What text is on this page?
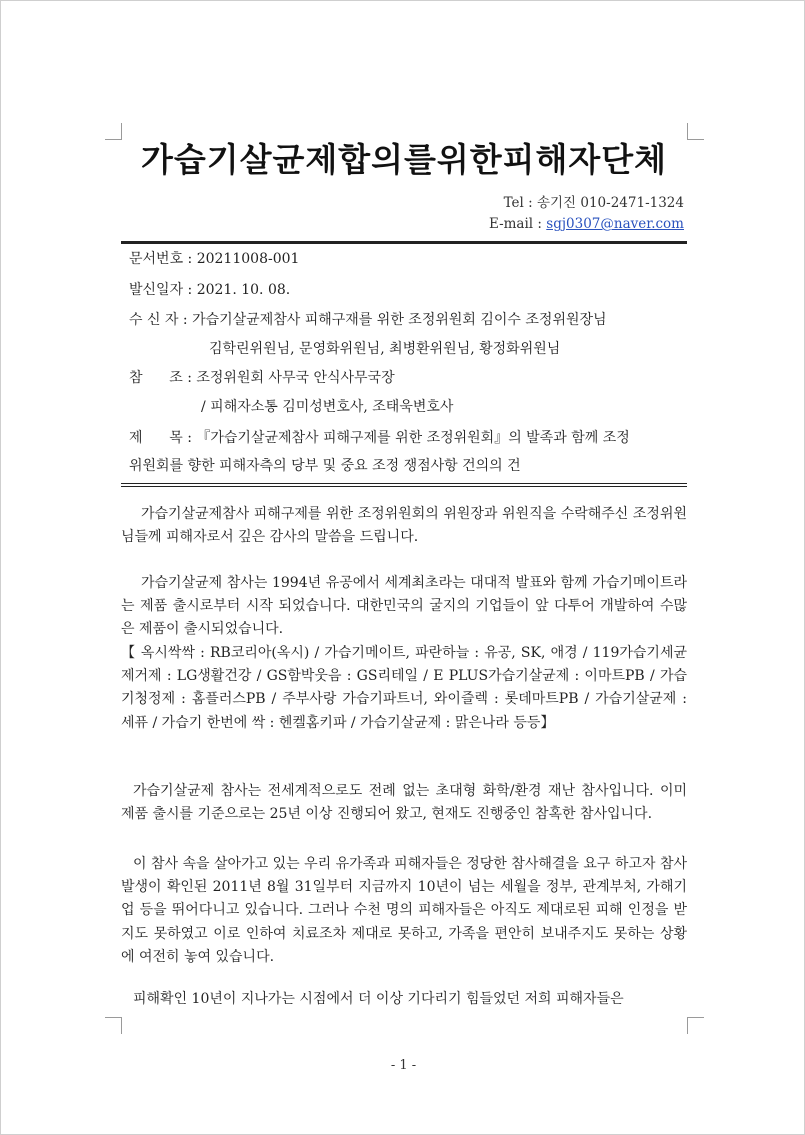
가습기살균제합의를위한피해자단체
Tel : 송기진 010-2471-1324
E-mail : sgj0307@naver.com
문서번호 : 20211008-001
발신일자 : 2021. 10. 08.
수 신 자 : 가습기살균제참사 피해구재를 위한 조정위원회 김이수 조정위원장님
김학린위원님, 문영화위원님, 최병환위원님, 황정화위원님
참      조 : 조정위원회 사무국 안식사무국장
/ 피해자소통 김미성변호사, 조태욱변호사
제      목 : 『가습기살균제참사 피해구제를 위한 조정위원회』의 발족과 함께 조정
위원회를 향한 피해자측의 당부 및 중요 조정 쟁점사항 건의의 건
가습기살균제참사 피해구제를 위한 조정위원회의 위원장과 위원직을 수락해주신 조정위원님들께 피해자로서 깊은 감사의 말씀을 드립니다.
가습기살균제 참사는 1994년 유공에서 세계최초라는 대대적 발표와 함께 가습기메이트라는 제품 출시로부터 시작 되었습니다. 대한민국의 굴지의 기업들이 앞 다투어 개발하여 수많은 제품이 출시되었습니다.
【 옥시싹싹 : RB코리아(옥시) / 가습기메이트, 파란하늘 : 유공, SK, 애경 / 119가습기세균제거제 : LG생활건강 / GS함박웃음 : GS리테일 / E PLUS가습기살균제 : 이마트PB / 가습기청정제 : 홈플러스PB / 주부사랑 가습기파트너, 와이즐렉 : 롯데마트PB / 가습기살균제 : 세퓨 / 가습기 한번에 싹 : 헨켈홈키파 / 가습기살균제 : 맑은나라 등등】
가습기살균제 참사는 전세계적으로도 전례 없는 초대형 화학/환경 재난 참사입니다. 이미 제품 출시를 기준으로는 25년 이상 진행되어 왔고, 현재도 진행중인 참혹한 참사입니다.
이 참사 속을 살아가고 있는 우리 유가족과 피해자들은 정당한 참사해결을 요구 하고자 참사 발생이 확인된 2011년 8월 31일부터 지금까지 10년이 넘는 세월을 정부, 관계부처, 가해기업 등을 뛰어다니고 있습니다. 그러나 수천 명의 피해자들은 아직도 제대로된 피해 인정을 받지도 못하였고 이로 인하여 치료조차 제대로 못하고, 가족을 편안히 보내주지도 못하는 상황에 여전히 놓여 있습니다.
피해확인 10년이 지나가는 시점에서 더 이상 기다리기 힘들었던 저희 피해자들은
- 1 -
